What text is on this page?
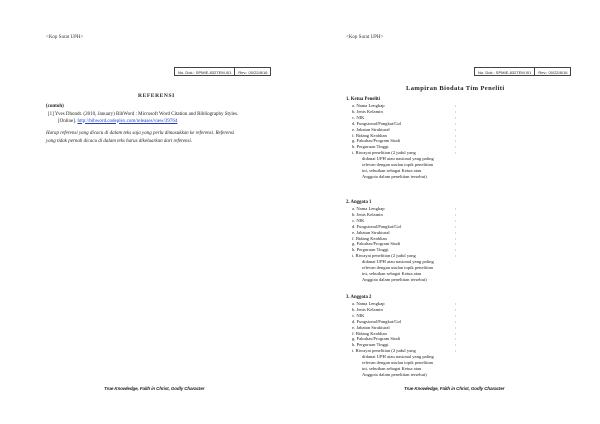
<Kop Surat UPH>
No. Dok.: SPMIE-832TEM.I01	Rev.: 00/22/8/16
REFERENSI
(contoh)
[1] Yves Dhondt. (2010, January) BibWord : Microsoft Word Citation and Bibliography Styles.
[Online]. http://bibword.codeplex.com/releases/view/39764
Harap referensi yang dicacu di dalam teks saja yang perlu dimasukkan ke referensi. Referensi
yang tidak pernah dicacu di dalam teks harus dikeluarkan dari referensi.
True Knowledge, Faith in Christ, Godly Character
<Kop Surat UPH>
No. Dok.: SPMIE-832TEM.I01	Rev.: 00/22/8/16
Lampiran Biodata Tim Peneliti
1. Ketua Peneliti
a. Nama Lengkap	:
b. Jenis Kelamin	:
c. NIK	:
d. Fungsional/Pangkat/Gol	:
e. Jabatan Struktural	:
f. Bidang Keahlian	:
g. Fakultas/Program Studi	:
h. Perguruan Tinggi	:
i. Riwayat penelitian (2 judul yang
didanai UPH atau nasional yang paling
relevan dengan usulan topik penelitian
ini, sebutkan sebagai Ketua atau
Anggota dalam penelitian tersebut)
:
2. Anggota 1
a. Nama Lengkap	:
b. Jenis Kelamin	:
c. NIK	:
d. Fungsional/Pangkat/Gol	:
e. Jabatan Struktural	:
f. Bidang Keahlian	:
g. Fakultas/Program Studi	:
h. Perguruan Tinggi	:
i. Riwayat penelitian (2 judul yang
didanai UPH atau nasional yang paling
relevan dengan usulan topik penelitian
ini, sebutkan sebagai Ketua atau
Anggota dalam penelitian tersebut)
:
3. Anggota 2
a. Nama Lengkap	:
b. Jenis Kelamin	:
c. NIK	:
d. Fungsional/Pangkat/Gol	:
e. Jabatan Struktural	:
f. Bidang Keahlian	:
g. Fakultas/Program Studi	:
h. Perguruan Tinggi	:
i. Riwayat penelitian (2 judul yang
didanai UPH atau nasional yang paling
relevan dengan usulan topik penelitian
ini, sebutkan sebagai Ketua atau
Anggota dalam penelitian tersebut)
:
True Knowledge, Faith in Christ, Godly Character
